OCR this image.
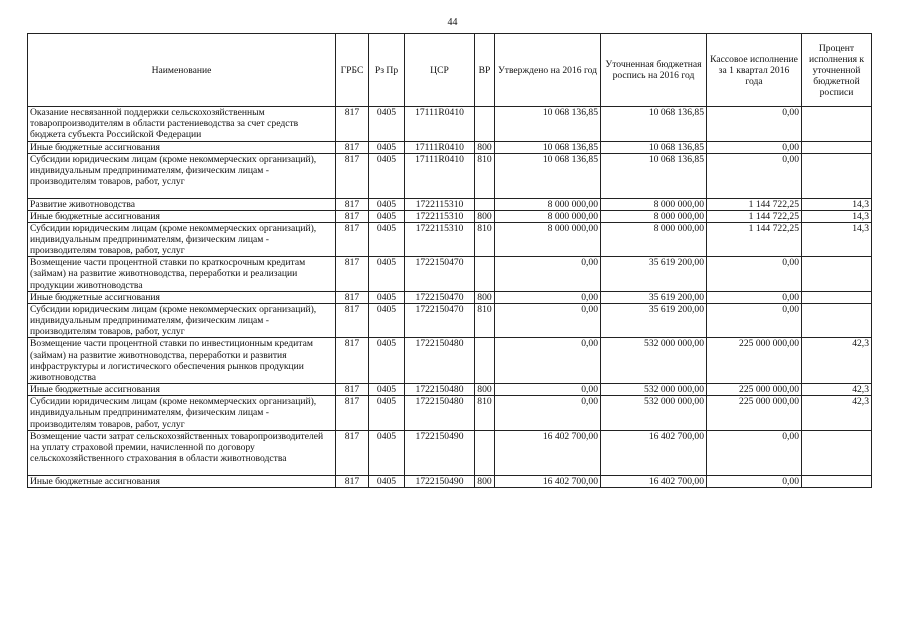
44
Наименование	ГРБС	Рз Пр	ЦСР	ВР	Утверждено на 2016 год	Уточненная бюджетная роспись на 2016 год	Кассовое исполнение за 1 квартал 2016 года	Процент исполнения к уточненной бюджетной росписи
Оказание несвязанной поддержки сельскохозяйственным товаропроизводителям в области растениеводства за счет средств бюджета субъекта Российской Федерации	817	0405	17111R0410		10 068 136,85	10 068 136,85	0,00	
Иные бюджетные ассигнования	817	0405	17111R0410	800	10 068 136,85	10 068 136,85	0,00	
Субсидии юридическим лицам (кроме некоммерческих организаций), индивидуальным предпринимателям, физическим лицам - производителям товаров, работ, услуг	817	0405	17111R0410	810	10 068 136,85	10 068 136,85	0,00	
Развитие животноводства	817	0405	1722115310		8 000 000,00	8 000 000,00	1 144 722,25	14,3
Иные бюджетные ассигнования	817	0405	1722115310	800	8 000 000,00	8 000 000,00	1 144 722,25	14,3
Субсидии юридическим лицам (кроме некоммерческих организаций), индивидуальным предпринимателям, физическим лицам - производителям товаров, работ, услуг	817	0405	1722115310	810	8 000 000,00	8 000 000,00	1 144 722,25	14,3
Возмещение части процентной ставки по краткосрочным кредитам (займам) на развитие животноводства, переработки и реализации продукции животноводства	817	0405	1722150470		0,00	35 619 200,00	0,00	
Иные бюджетные ассигнования	817	0405	1722150470	800	0,00	35 619 200,00	0,00	
Субсидии юридическим лицам (кроме некоммерческих организаций), индивидуальным предпринимателям, физическим лицам - производителям товаров, работ, услуг	817	0405	1722150470	810	0,00	35 619 200,00	0,00	
Возмещение части процентной ставки по инвестиционным кредитам (займам) на развитие животноводства, переработки и развития инфраструктуры и логистического обеспечения рынков продукции животноводства	817	0405	1722150480		0,00	532 000 000,00	225 000 000,00	42,3
Иные бюджетные ассигнования	817	0405	1722150480	800	0,00	532 000 000,00	225 000 000,00	42,3
Субсидии юридическим лицам (кроме некоммерческих организаций), индивидуальным предпринимателям, физическим лицам - производителям товаров, работ, услуг	817	0405	1722150480	810	0,00	532 000 000,00	225 000 000,00	42,3
Возмещение части затрат сельскохозяйственных товаропроизводителей на уплату страховой премии, начисленной по договору сельскохозяйственного страхования в области животноводства	817	0405	1722150490		16 402 700,00	16 402 700,00	0,00	
Иные бюджетные ассигнования	817	0405	1722150490	800	16 402 700,00	16 402 700,00	0,00	
